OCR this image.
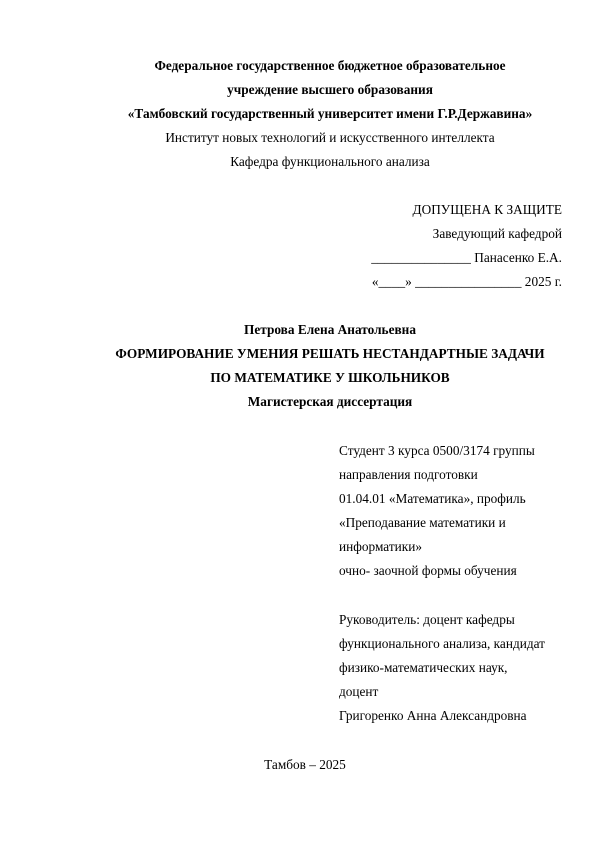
Федеральное государственное бюджетное образовательное
учреждение высшего образования
«Тамбовский государственный университет имени Г.Р.Державина»
Институт новых технологий и искусственного интеллекта
Кафедра функционального анализа
ДОПУЩЕНА К ЗАЩИТЕ
Заведующий кафедрой
_______________ Панасенко Е.А.
«____» ________________ 2025 г.
Петрова Елена Анатольевна
ФОРМИРОВАНИЕ УМЕНИЯ РЕШАТЬ НЕСТАНДАРТНЫЕ ЗАДАЧИ
ПО МАТЕМАТИКЕ У ШКОЛЬНИКОВ
Магистерская диссертация
Студент 3 курса 0500/3174 группы
направления подготовки
01.04.01 «Математика», профиль
«Преподавание математики и
информатики»
очно- заочной формы обучения
Руководитель: доцент кафедры
функционального анализа, кандидат
физико-математических наук,
доцент
Григоренко Анна Александровна
Тамбов – 2025
